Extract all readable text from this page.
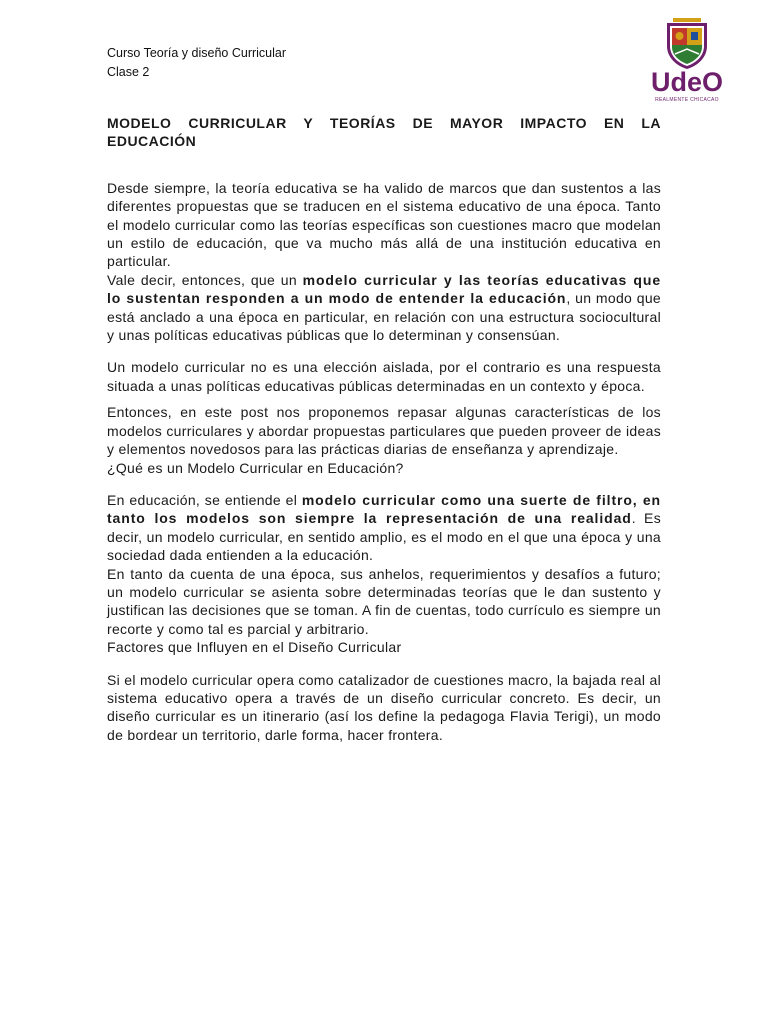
Curso Teoría y diseño Curricular
Clase 2	UdeO
REALMENTE CHICACAO
MODELO CURRICULAR Y TEORÍAS DE MAYOR IMPACTO EN LA
EDUCACIÓN

Desde siempre, la teoría educativa se ha valido de marcos que dan sustentos a las diferentes propuestas que se traducen en el sistema educativo de una época. Tanto el modelo curricular como las teorías específicas son cuestiones macro que modelan un estilo de educación, que va mucho más allá de una institución educativa en particular.

Vale decir, entonces, que un modelo curricular y las teorías educativas que lo sustentan responden a un modo de entender la educación, un modo que está anclado a una época en particular, en relación con una estructura sociocultural y unas políticas educativas públicas que lo determinan y consensúan.

Un modelo curricular no es una elección aislada, por el contrario es una respuesta situada a unas políticas educativas públicas determinadas en un contexto y época.

Entonces, en este post nos proponemos repasar algunas características de los modelos curriculares y abordar propuestas particulares que pueden proveer de ideas y elementos novedosos para las prácticas diarias de enseñanza y aprendizaje.

¿Qué es un Modelo Curricular en Educación?

En educación, se entiende el modelo curricular como una suerte de filtro, en tanto los modelos son siempre la representación de una realidad. Es decir, un modelo curricular, en sentido amplio, es el modo en el que una época y una sociedad dada entienden a la educación.

En tanto da cuenta de una época, sus anhelos, requerimientos y desafíos a futuro; un modelo curricular se asienta sobre determinadas teorías que le dan sustento y justifican las decisiones que se toman. A fin de cuentas, todo currículo es siempre un recorte y como tal es parcial y arbitrario.

Factores que Influyen en el Diseño Curricular

Si el modelo curricular opera como catalizador de cuestiones macro, la bajada real al sistema educativo opera a través de un diseño curricular concreto. Es decir, un diseño curricular es un itinerario (así los define la pedagoga Flavia Terigi), un modo de bordear un territorio, darle forma, hacer frontera.
